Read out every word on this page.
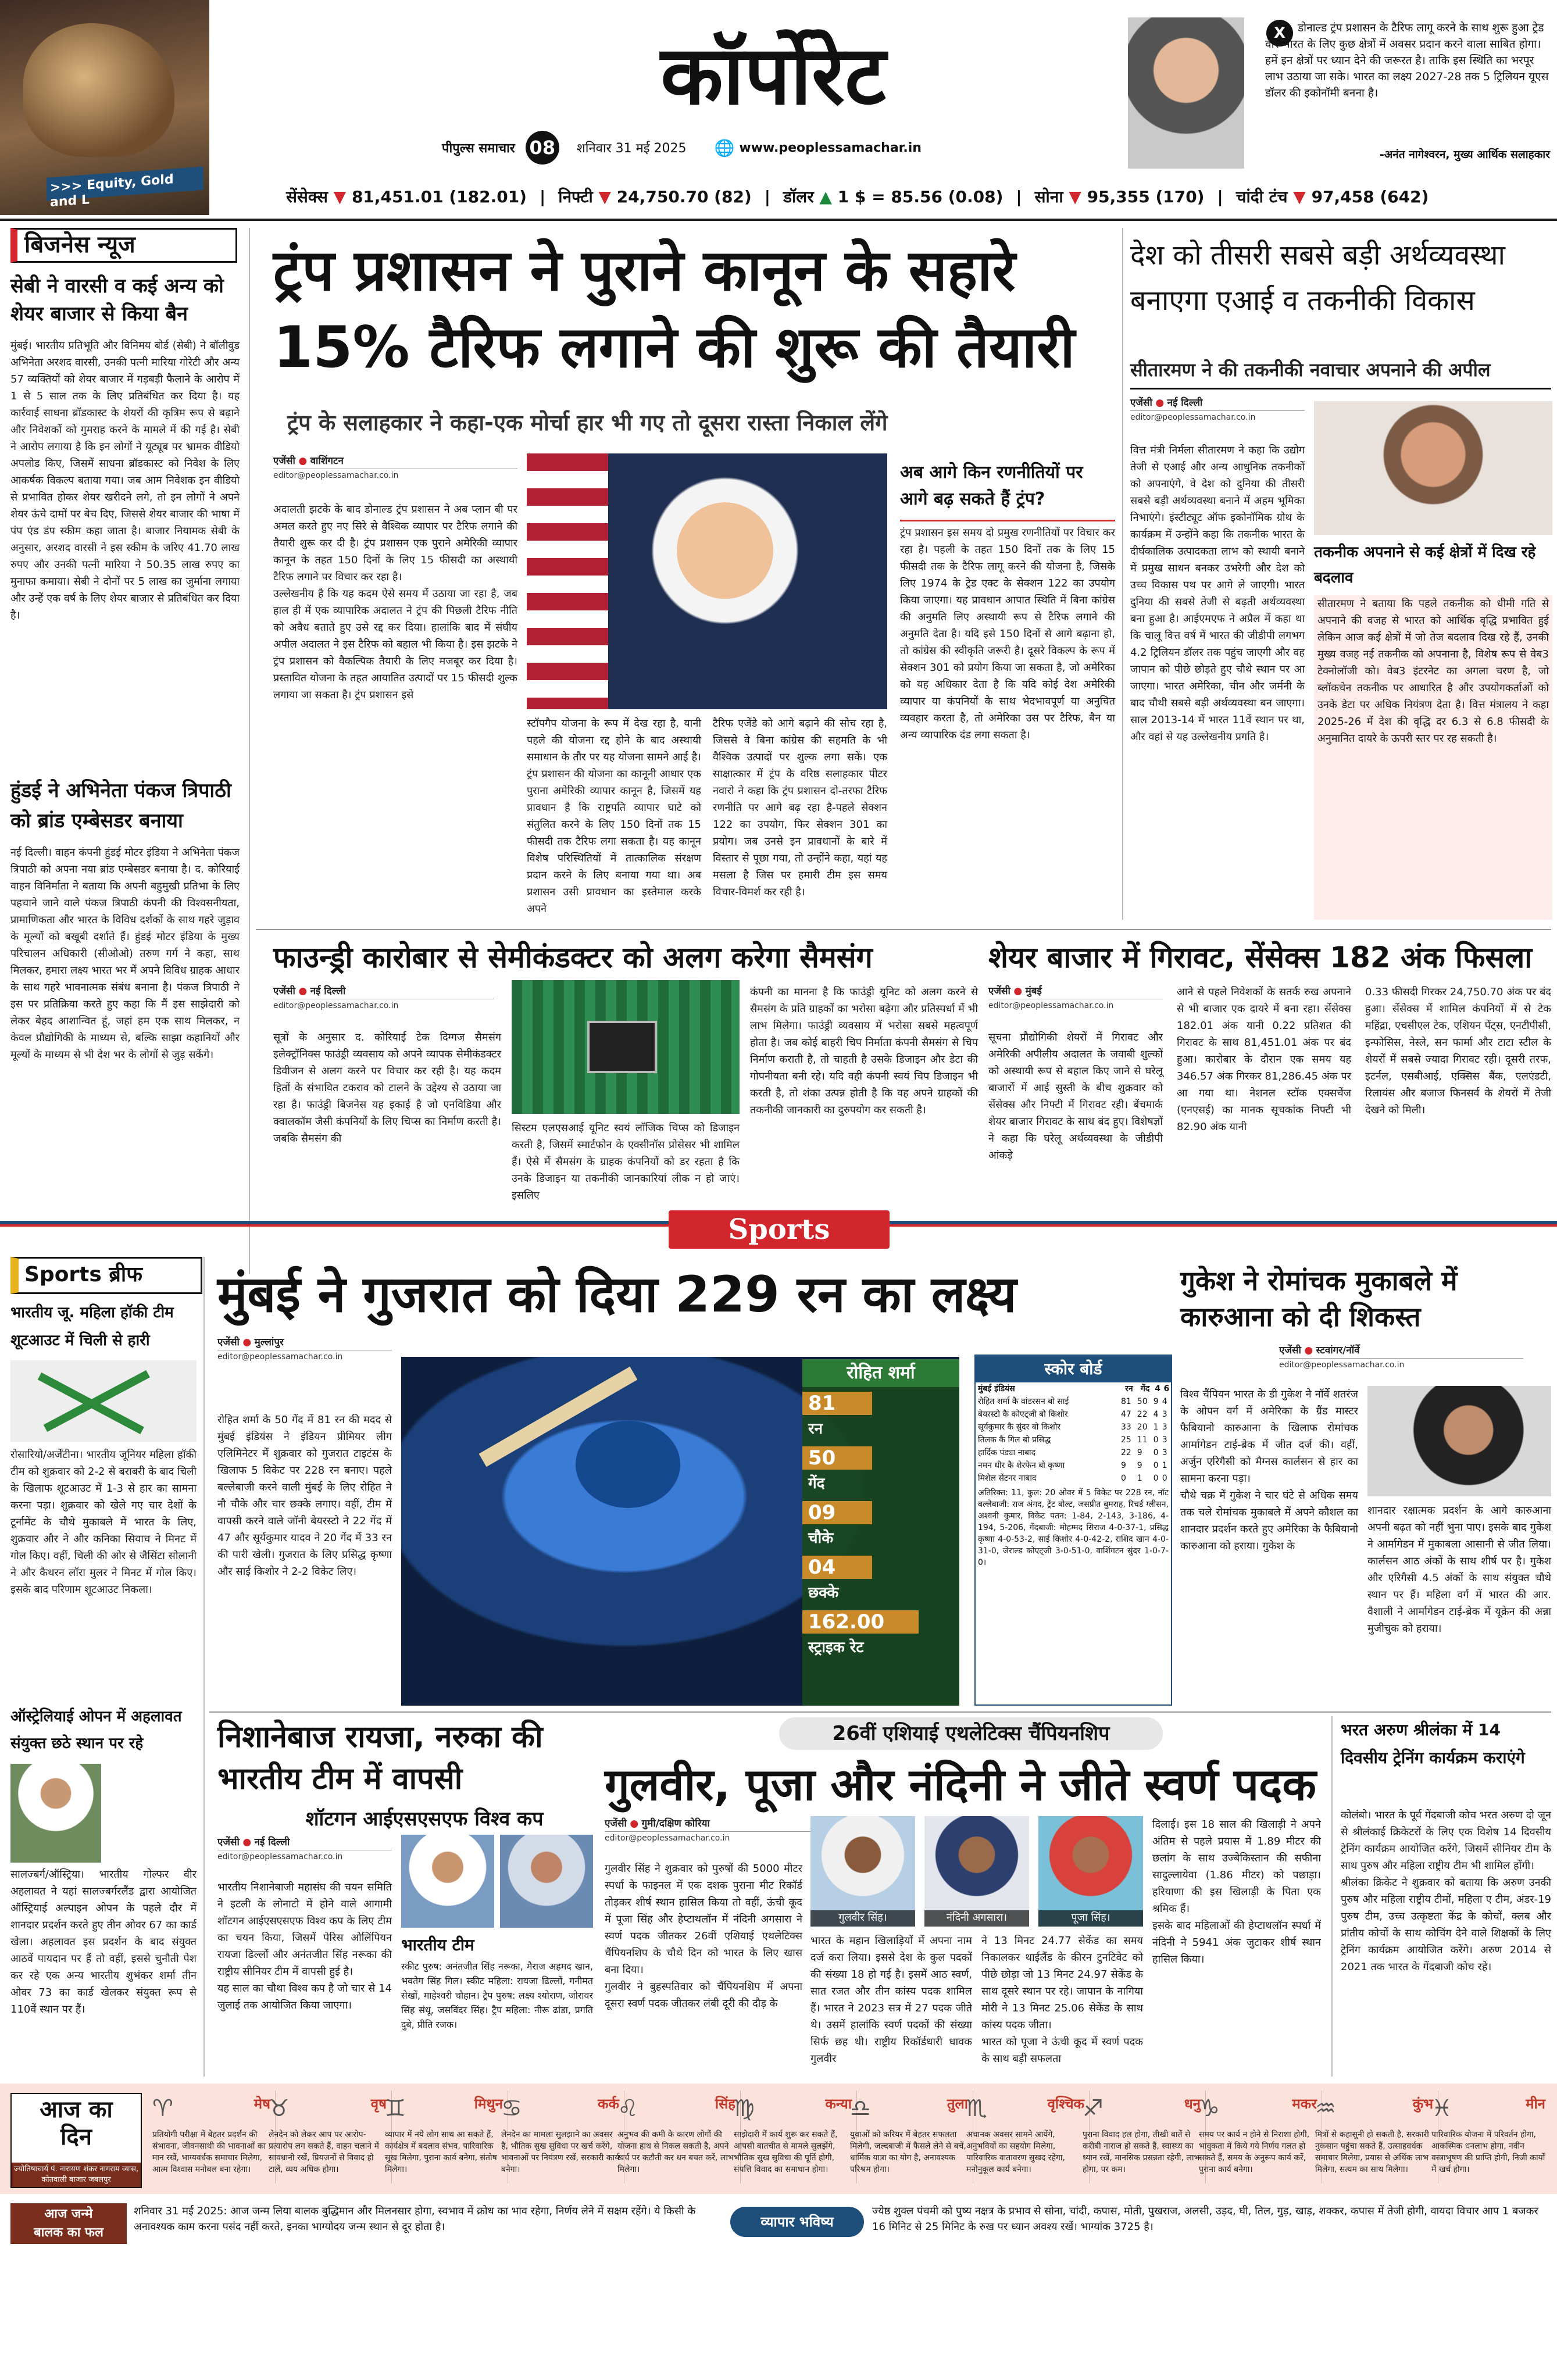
>>> Equity, Gold and L
कॉर्पोरेट
पीपुल्स समाचार 08	शनिवार 31 मई 2025 🌐 www.peoplessamachar.in
X	डोनाल्ड ट्रंप प्रशासन के टैरिफ लागू करने के साथ शुरू हुआ ट्रेड वार भारत के लिए कुछ क्षेत्रों में अवसर प्रदान करने वाला साबित होगा। हमें इन क्षेत्रों पर ध्यान देने की जरूरत है। ताकि इस स्थिति का भरपूर लाभ उठाया जा सके। भारत का लक्ष्य 2027-28 तक 5 ट्रिलियन यूएस डॉलर की इकोनॉमी बनना है।
-अनंत नागेश्वरन, मुख्य आर्थिक सलाहकार
सेंसेक्स ▼ 81,451.01 (182.01) | निफ्टी ▼ 24,750.70 (82) | डॉलर ▲ 1 $ = 85.56 (0.08) | सोना ▼ 95,355 (170) | चांदी टंच ▼ 97,458 (642)
बिजनेस न्यूज
सेबी ने वारसी व कई अन्य को शेयर बाजार से किया बैन
मुंबई। भारतीय प्रतिभूति और विनिमय बोर्ड (सेबी) ने बॉलीवुड अभिनेता अरशद वारसी, उनकी पत्नी मारिया गोरेटी और अन्य 57 व्यक्तियों को शेयर बाजार में गड़बड़ी फैलाने के आरोप में 1 से 5 साल तक के लिए प्रतिबंधित कर दिया है। यह कार्रवाई साधना ब्रॉडकास्ट के शेयरों की कृत्रिम रूप से बढ़ाने और निवेशकों को गुमराह करने के मामले में की गई है। सेबी ने आरोप लगाया है कि इन लोगों ने यूट्यूब पर भ्रामक वीडियो अपलोड किए, जिसमें साधना ब्रॉडकास्ट को निवेश के लिए आकर्षक विकल्प बताया गया। जब आम निवेशक इन वीडियो से प्रभावित होकर शेयर खरीदने लगे, तो इन लोगों ने अपने शेयर ऊंचे दामों पर बेच दिए, जिससे शेयर बाजार की भाषा में पंप एंड डंप स्कीम कहा जाता है। बाजार नियामक सेबी के अनुसार, अरशद वारसी ने इस स्कीम के जरिए 41.70 लाख रुपए और उनकी पत्नी मारिया ने 50.35 लाख रुपए का मुनाफा कमाया। सेबी ने दोनों पर 5 लाख का जुर्माना लगाया और उन्हें एक वर्ष के लिए शेयर बाजार से प्रतिबंधित कर दिया है।
हुंडई ने अभिनेता पंकज त्रिपाठी को ब्रांड एम्बेसडर बनाया
नई दिल्ली। वाहन कंपनी हुंडई मोटर इंडिया ने अभिनेता पंकज त्रिपाठी को अपना नया ब्रांड एम्बेसडर बनाया है। द. कोरियाई वाहन विनिर्माता ने बताया कि अपनी बहुमुखी प्रतिभा के लिए पहचाने जाने वाले पंकज त्रिपाठी कंपनी की विश्वसनीयता, प्रामाणिकता और भारत के विविध दर्शकों के साथ गहरे जुड़ाव के मूल्यों को बखूबी दर्शाते हैं। हुंडई मोटर इंडिया के मुख्य परिचालन अधिकारी (सीओओ) तरुण गर्ग ने कहा, साथ मिलकर, हमारा लक्ष्य भारत भर में अपने विविध ग्राहक आधार के साथ गहरे भावनात्मक संबंध बनाना है। पंकज त्रिपाठी ने इस पर प्रतिक्रिया करते हुए कहा कि मैं इस साझेदारी को लेकर बेहद आशान्वित हूं, जहां हम एक साथ मिलकर, न केवल प्रौद्योगिकी के माध्यम से, बल्कि साझा कहानियों और मूल्यों के माध्यम से भी देश भर के लोगों से जुड़ सकेंगे।
ट्रंप प्रशासन ने पुराने कानून के सहारे 15% टैरिफ लगाने की शुरू की तैयारी
ट्रंप के सलाहकार ने कहा-एक मोर्चा हार भी गए तो दूसरा रास्ता निकाल लेंगे
एजेंसी ● वाशिंगटन
editor@peoplessamachar.co.in
अदालती झटके के बाद डोनाल्ड ट्रंप प्रशासन ने अब प्लान बी पर अमल करते हुए नए सिरे से वैश्विक व्यापार पर टैरिफ लगाने की तैयारी शुरू कर दी है। ट्रंप प्रशासन एक पुराने अमेरिकी व्यापार कानून के तहत 150 दिनों के लिए 15 फीसदी का अस्थायी टैरिफ लगाने पर विचार कर रहा है।
उल्लेखनीय है कि यह कदम ऐसे समय में उठाया जा रहा है, जब हाल ही में एक व्यापारिक अदालत ने ट्रंप की पिछली टैरिफ नीति को अवैध बताते हुए उसे रद्द कर दिया। हालांकि बाद में संघीय अपील अदालत ने इस टैरिफ को बहाल भी किया है। इस झटके ने ट्रंप प्रशासन को वैकल्पिक तैयारी के लिए मजबूर कर दिया है। प्रस्तावित योजना के तहत आयातित उत्पादों पर 15 फीसदी शुल्क लगाया जा सकता है। ट्रंप प्रशासन इसे
स्टॉपगैप योजना के रूप में देख रहा है, यानी पहले की योजना रद्द होने के बाद अस्थायी समाधान के तौर पर यह योजना सामने आई है। ट्रंप प्रशासन की योजना का कानूनी आधार एक पुराना अमेरिकी व्यापार कानून है, जिसमें यह प्रावधान है कि राष्ट्रपति व्यापार घाटे को संतुलित करने के लिए 150 दिनों तक 15 फीसदी तक टैरिफ लगा सकता है। यह कानून विशेष परिस्थितियों में तात्कालिक संरक्षण प्रदान करने के लिए बनाया गया था। अब प्रशासन उसी प्रावधान का इस्तेमाल करके अपने
टैरिफ एजेंडे को आगे बढ़ाने की सोच रहा है, जिससे वे बिना कांग्रेस की सहमति के भी वैश्विक उत्पादों पर शुल्क लगा सकें। एक साक्षात्कार में ट्रंप के वरिष्ठ सलाहकार पीटर नवारो ने कहा कि ट्रंप प्रशासन दो-तरफा टैरिफ रणनीति पर आगे बढ़ रहा है-पहले सेक्शन 122 का उपयोग, फिर सेक्शन 301 का प्रयोग। जब उनसे इन प्रावधानों के बारे में विस्तार से पूछा गया, तो उन्होंने कहा, यहां यह मसला है जिस पर हमारी टीम इस समय विचार-विमर्श कर रही है।
अब आगे किन रणनीतियों पर आगे बढ़ सकते हैं ट्रंप?
ट्रंप प्रशासन इस समय दो प्रमुख रणनीतियों पर विचार कर रहा है। पहली के तहत 150 दिनों तक के लिए 15 फीसदी तक के टैरिफ लागू करने की योजना है, जिसके लिए 1974 के ट्रेड एक्ट के सेक्शन 122 का उपयोग किया जाएगा। यह प्रावधान आपात स्थिति में बिना कांग्रेस की अनुमति लिए अस्थायी रूप से टैरिफ लगाने की अनुमति देता है। यदि इसे 150 दिनों से आगे बढ़ाना हो, तो कांग्रेस की स्वीकृति जरूरी है। दूसरे विकल्प के रूप में सेक्शन 301 को प्रयोग किया जा सकता है, जो अमेरिका को यह अधिकार देता है कि यदि कोई देश अमेरिकी व्यापार या कंपनियों के साथ भेदभावपूर्ण या अनुचित व्यवहार करता है, तो अमेरिका उस पर टैरिफ, बैन या अन्य व्यापारिक दंड लगा सकता है।
देश को तीसरी सबसे बड़ी अर्थव्यवस्था बनाएगा एआई व तकनीकी विकास
सीतारमण ने की तकनीकी नवाचार अपनाने की अपील
एजेंसी ● नई दिल्ली
editor@peoplessamachar.co.in
वित्त मंत्री निर्मला सीतारमण ने कहा कि उद्योग तेजी से एआई और अन्य आधुनिक तकनीकों को अपनाएंगे, वे देश को दुनिया की तीसरी सबसे बड़ी अर्थव्यवस्था बनाने में अहम भूमिका निभाएंगे। इंस्टीट्यूट ऑफ इकोनॉमिक ग्रोथ के कार्यक्रम में उन्होंने कहा कि तकनीक भारत के दीर्घकालिक उत्पादकता लाभ को स्थायी बनाने में प्रमुख साधन बनकर उभरेगी और देश को उच्च विकास पथ पर आगे ले जाएगी। भारत दुनिया की सबसे तेजी से बढ़ती अर्थव्यवस्था बना हुआ है। आईएमएफ ने अप्रैल में कहा था कि चालू वित्त वर्ष में भारत की जीडीपी लगभग 4.2 ट्रिलियन डॉलर तक पहुंच जाएगी और वह जापान को पीछे छोड़ते हुए चौथे स्थान पर आ जाएगा। भारत अमेरिका, चीन और जर्मनी के बाद चौथी सबसे बड़ी अर्थव्यवस्था बन जाएगा। साल 2013-14 में भारत 11वें स्थान पर था, और वहां से यह उल्लेखनीय प्रगति है।
तकनीक अपनाने से कई क्षेत्रों में दिख रहे बदलाव
सीतारमण ने बताया कि पहले तकनीक को धीमी गति से अपनाने की वजह से भारत को आर्थिक वृद्धि प्रभावित हुई लेकिन आज कई क्षेत्रों में जो तेज बदलाव दिख रहे हैं, उनकी मुख्य वजह नई तकनीक को अपनाना है, विशेष रूप से वेब3 टेक्नोलॉजी को। वेब3 इंटरनेट का अगला चरण है, जो ब्लॉकचेन तकनीक पर आधारित है और उपयोगकर्ताओं को उनके डेटा पर अधिक नियंत्रण देता है। वित्त मंत्रालय ने कहा 2025-26 में देश की वृद्धि दर 6.3 से 6.8 फीसदी के अनुमानित दायरे के ऊपरी स्तर पर रह सकती है।
फाउन्ड्री कारोबार से सेमीकंडक्टर को अलग करेगा सैमसंग
एजेंसी ● नई दिल्ली
editor@peoplessamachar.co.in
सूत्रों के अनुसार द. कोरियाई टेक दिग्गज सैमसंग इलेक्ट्रॉनिक्स फाउंड्री व्यवसाय को अपने व्यापक सेमीकंडक्टर डिवीजन से अलग करने पर विचार कर रही है। यह कदम हितों के संभावित टकराव को टालने के उद्देश्य से उठाया जा रहा है। फाउंड्री बिजनेस यह इकाई है जो एनविडिया और क्वालकॉम जैसी कंपनियों के लिए चिप्स का निर्माण करती है। जबकि सैमसंग की
सिस्टम एलएसआई यूनिट स्वयं लॉजिक चिप्स को डिजाइन करती है, जिसमें स्मार्टफोन के एक्सीनॉस प्रोसेसर भी शामिल हैं। ऐसे में सैमसंग के ग्राहक कंपनियों को डर रहता है कि उनके डिजाइन या तकनीकी जानकारियां लीक न हो जाएं। इसलिए
कंपनी का मानना है कि फाउंड्री यूनिट को अलग करने से सैमसंग के प्रति ग्राहकों का भरोसा बढ़ेगा और प्रतिस्पर्धा में भी लाभ मिलेगा। फाउंड्री व्यवसाय में भरोसा सबसे महत्वपूर्ण होता है। जब कोई बाहरी चिप निर्माता कंपनी सैमसंग से चिप निर्माण कराती है, तो चाहती है उसके डिजाइन और डेटा की गोपनीयता बनी रहे। यदि वही कंपनी स्वयं चिप डिजाइन भी करती है, तो शंका उत्पन्न होती है कि वह अपने ग्राहकों की तकनीकी जानकारी का दुरुपयोग कर सकती है।
शेयर बाजार में गिरावट, सेंसेक्स 182 अंक फिसला
एजेंसी ● मुंबई
editor@peoplessamachar.co.in
सूचना प्रौद्योगिकी शेयरों में गिरावट और अमेरिकी अपीलीय अदालत के जवाबी शुल्कों को अस्थायी रूप से बहाल किए जाने से घरेलू बाजारों में आई सुस्ती के बीच शुक्रवार को सेंसेक्स और निफ्टी में गिरावट रही। बेंचमार्क शेयर बाजार गिरावट के साथ बंद हुए। विशेषज्ञों ने कहा कि घरेलू अर्थव्यवस्था के जीडीपी आंकड़े
आने से पहले निवेशकों के सतर्क रुख अपनाने से भी बाजार एक दायरे में बना रहा। सेंसेक्स 182.01 अंक यानी 0.22 प्रतिशत की गिरावट के साथ 81,451.01 अंक पर बंद हुआ। कारोबार के दौरान एक समय यह 346.57 अंक गिरकर 81,286.45 अंक पर आ गया था। नेशनल स्टॉक एक्सचेंज (एनएसई) का मानक सूचकांक निफ्टी भी 82.90 अंक यानी
0.33 फीसदी गिरकर 24,750.70 अंक पर बंद हुआ। सेंसेक्स में शामिल कंपनियों में से टेक महिंद्रा, एचसीएल टेक, एशियन पेंट्स, एनटीपीसी, इन्फोसिस, नेस्ले, सन फार्मा और टाटा स्टील के शेयरों में सबसे ज्यादा गिरावट रही। दूसरी तरफ, इटर्नल, एसबीआई, एक्सिस बैंक, एलएंडटी, रिलायंस और बजाज फिनसर्व के शेयरों में तेजी देखने को मिली।
Sports
Sports ब्रीफ
भारतीय जू. महिला हॉकी टीम शूटआउट में चिली से हारी
रोसारियो/अर्जेंटीना। भारतीय जूनियर महिला हॉकी टीम को शुक्रवार को 2-2 से बराबरी के बाद चिली के खिलाफ शूटआउट में 1-3 से हार का सामना करना पड़ा। शुक्रवार को खेले गए चार देशों के टूर्नामेंट के चौथे मुकाबले में भारत के लिए, शुक्रवार और ने और कनिका सिवाच ने मिनट में गोल किए। वहीं, चिली की ओर से जैसिंटा सोलानी ने और कैथरन लॉरा मुलर ने मिनट में गोल किए। इसके बाद परिणाम शूटआउट निकला।
ऑस्ट्रेलियाई ओपन में अहलावत संयुक्त छठे स्थान पर रहे
सालज्बर्ग/ऑस्ट्रिया। भारतीय गोल्फर वीर अहलावत ने यहां सालज्बर्गरलैंड द्वारा आयोजित ऑस्ट्रियाई अल्पाइन ओपन के पहले दौर में शानदार प्रदर्शन करते हुए तीन ओवर 67 का कार्ड खेला। अहलावत इस प्रदर्शन के बाद संयुक्त आठवें पायदान पर हैं तो वहीं, इससे चुनौती पेश कर रहे एक अन्य भारतीय शुभंकर शर्मा तीन ओवर 73 का कार्ड खेलकर संयुक्त रूप से 110वें स्थान पर हैं।
मुंबई ने गुजरात को दिया 229 रन का लक्ष्य
एजेंसी ● मुल्लांपुर
editor@peoplessamachar.co.in
रोहित शर्मा के 50 गेंद में 81 रन की मदद से मुंबई इंडियंस ने इंडियन प्रीमियर लीग एलिमिनेटर में शुक्रवार को गुजरात टाइटंस के खिलाफ 5 विकेट पर 228 रन बनाए। पहले बल्लेबाजी करने वाली मुंबई के लिए रोहित ने नौ चौके और चार छक्के लगाए। वहीं, टीम में वापसी करने वाले जॉनी बेयरस्टो ने 22 गेंद में 47 और सूर्यकुमार यादव ने 20 गेंद में 33 रन की पारी खेली। गुजरात के लिए प्रसिद्ध कृष्णा और साई किशोर ने 2-2 विकेट लिए।
रोहित शर्मा
81
रन
50
गेंद
09
चौके
04
छक्के
162.00
स्ट्राइक रेट
स्कोर बोर्ड
मुंबई इंडियंस	रन	गेंद	4	6
रोहित शर्मा कै वांडरसन बो साई	81	50	9	4
बेयरस्टो कै कोएट्जी बो किशोर	47	22	4	3
सूर्यकुमार कै सुंदर बो किशोर	33	20	1	3
तिलक कै गिल बो प्रसिद्ध	25	11	0	3
हार्दिक पंड्या नाबाद	22	9	0	3
नमन धीर कै शेरफेन बो कृष्णा	9	9	0	1
मिशेल सेंटनर नाबाद	0	1	0	0
अतिरिक्त: 11, कुल: 20 ओवर में 5 विकेट पर 228 रन, नॉट बल्लेबाजी: राज अंगद, ट्रेंट बोल्ट, जसप्रीत बुमराह, रिचर्ड ग्लीसन, अश्वनी कुमार, विकेट पतन: 1-84, 2-143, 3-186, 4-194, 5-206, गेंदबाजी: मोहम्मद सिराज 4-0-37-1, प्रसिद्ध कृष्णा 4-0-53-2, साई किशोर 4-0-42-2, राशिद खान 4-0-31-0, जेराल्ड कोएट्जी 3-0-51-0, वाशिंगटन सुंदर 1-0-7-0।
गुकेश ने रोमांचक मुकाबले में कारुआना को दी शिकस्त
एजेंसी ● स्टवांगर/नॉर्वे
editor@peoplessamachar.co.in
विश्व चैंपियन भारत के डी गुकेश ने नॉर्वे शतरंज के ओपन वर्ग में अमेरिका के ग्रैंड मास्टर फैबियानो कारुआना के खिलाफ रोमांचक आर्मागेडन टाई-ब्रेक में जीत दर्ज की। वहीं, अर्जुन एरिगैसी को मैग्नस कार्लसन से हार का सामना करना पड़ा।
चौथे चक्र में गुकेश ने चार घंटे से अधिक समय तक चले रोमांचक मुकाबले में अपने कौशल का शानदार प्रदर्शन करते हुए अमेरिका के फैबियानो कारुआना को हराया। गुकेश के
शानदार रक्षात्मक प्रदर्शन के आगे कारुआना अपनी बढ़त को नहीं भुना पाए। इसके बाद गुकेश ने आर्मागेडन में मुकाबला आसानी से जीत लिया। कार्लसन आठ अंकों के साथ शीर्ष पर है। गुकेश और एरिगैसी 4.5 अंकों के साथ संयुक्त चौथे स्थान पर हैं। महिला वर्ग में भारत की आर. वैशाली ने आर्मागेडन टाई-ब्रेक में यूक्रेन की अन्ना मुजीचुक को हराया।
निशानेबाज रायजा, नरुका की भारतीय टीम में वापसी
शॉटगन आईएसएसएफ विश्व कप
एजेंसी ● नई दिल्ली
editor@peoplessamachar.co.in
भारतीय निशानेबाजी महासंघ की चयन समिति ने इटली के लोनाटो में होने वाले आगामी शॉटगन आईएसएसएफ विश्व कप के लिए टीम का चयन किया, जिसमें पेरिस ओलिंपियन रायजा ढिल्लों और अनंतजीत सिंह नरूका की राष्ट्रीय सीनियर टीम में वापसी हुई है।
यह साल का चौथा विश्व कप है जो चार से 14 जुलाई तक आयोजित किया जाएगा।
भारतीय टीम
स्कीट पुरुष: अनंतजीत सिंह नरूका, मैराज अहमद खान, भवतेग सिंह गिल। स्कीट महिला: रायजा ढिल्लों, गनीमत सेखों, माहेश्वरी चौहान। ट्रैप पुरुष: लक्ष्य श्योराण, जोरावर सिंह संधू, जसविंदर सिंह। ट्रैप महिला: नीरू ढांडा, प्रगति दुबे, प्रीति रजक।
26वीं एशियाई एथलेटिक्स चैंपियनशिप
गुलवीर, पूजा और नंदिनी ने जीते स्वर्ण पदक
एजेंसी ● गुमी/दक्षिण कोरिया
editor@peoplessamachar.co.in
गुलवीर सिंह।	नंदिनी अगसारा।	पूजा सिंह।
गुलवीर सिंह ने शुक्रवार को पुरुषों की 5000 मीटर स्पर्धा के फाइनल में एक दशक पुराना मीट रिकॉर्ड तोड़कर शीर्ष स्थान हासिल किया तो वहीं, ऊंची कूद में पूजा सिंह और हेप्टाथलॉन में नंदिनी अगसारा ने स्वर्ण पदक जीतकर 26वीं एशियाई एथलेटिक्स चैंपियनशिप के चौथे दिन को भारत के लिए खास बना दिया।
गुलवीर ने बुहस्पतिवार को चैंपियनशिप में अपना दूसरा स्वर्ण पदक जीतकर लंबी दूरी की दौड़ के
भारत के महान खिलाड़ियों में अपना नाम दर्ज करा लिया। इससे देश के कुल पदकों की संख्या 18 हो गई है। इसमें आठ स्वर्ण, सात रजत और तीन कांस्य पदक शामिल हैं। भारत ने 2023 सत्र में 27 पदक जीते थे। उसमें हालांकि स्वर्ण पदकों की संख्या सिर्फ छह थी। राष्ट्रीय रिकॉर्डधारी धावक गुलवीर
ने 13 मिनट 24.77 सेकेंड का समय निकालकर थाईलैंड के कीरन टुनटिवेट को पीछे छोड़ा जो 13 मिनट 24.97 सेकेंड के साथ दूसरे स्थान पर रहे। जापान के नागिया मोरी ने 13 मिनट 25.06 सेकेंड के साथ कांस्य पदक जीता।
भारत को पूजा ने ऊंची कूद में स्वर्ण पदक के साथ बड़ी सफलता
दिलाई। इस 18 साल की खिलाड़ी ने अपने अंतिम से पहले प्रयास में 1.89 मीटर की छलांग के साथ उज्बेकिस्तान की सफीना सादुल्लायेवा (1.86 मीटर) को पछाड़ा। हरियाणा की इस खिलाड़ी के पिता एक श्रमिक हैं।
इसके बाद महिलाओं की हेप्टाथलॉन स्पर्धा में नंदिनी ने 5941 अंक जुटाकर शीर्ष स्थान हासिल किया।
भरत अरुण श्रीलंका में 14 दिवसीय ट्रेनिंग कार्यक्रम कराएंगे
कोलंबो। भारत के पूर्व गेंदबाजी कोच भरत अरुण दो जून से श्रीलंकाई क्रिकेटरों के लिए एक विशेष 14 दिवसीय ट्रेनिंग कार्यक्रम आयोजित करेंगे, जिसमें सीनियर टीम के साथ पुरुष और महिला राष्ट्रीय टीम भी शामिल होंगी।
श्रीलंका क्रिकेट ने शुक्रवार को बताया कि अरुण उनकी पुरुष और महिला राष्ट्रीय टीमों, महिला ए टीम, अंडर-19 पुरुष टीम, उच्च उत्कृष्टता केंद्र के कोचों, क्लब और प्रांतीय कोचों के साथ कोचिंग देने वाले शिक्षकों के लिए ट्रेनिंग कार्यक्रम आयोजित करेंगे। अरुण 2014 से 2021 तक भारत के गेंदबाजी कोच रहे।
आज का
दिन
ज्योतिषाचार्य पं. नारायण शंकर नागराम व्यास, कोतवाली बाजार जबलपुर
♈	मेष
प्रतियोगी परीक्षा में बेहतर प्रदर्शन की संभावना, जीवनसाथी की भावनाओं का मान रखें, भाग्यवर्धक समाचार मिलेगा, आत्म विश्वास मनोबल बना रहेगा।
♉	वृष
लेनदेन को लेकर आप पर आरोप-प्रत्यारोप लग सकते हैं, वाहन चलाने में सावधानी रखें, प्रियजनों से विवाद हो टालें, व्यय अधिक होगा।
♊	मिथुन
व्यापार में नये लोग साथ आ सकते हैं, कार्यक्षेत्र में बदलाव संभव, पारिवारिक सुख मिलेगा, पुराना कार्य बनेगा, संतोष मिलेगा।
♋	कर्क
लेनदेन का मामला सुलझाने का अवसर है, भौतिक सुख सुविधा पर खर्च करेंगे, भावनाओं पर नियंत्रण रखें, सरकारी कार्य बनेगा।
♌	सिंह
अनुभव की कमी के कारण लोगों की योजना हाथ से निकल सकती है, अपने खर्च पर कटौती कर धन बचत करें, लाभ मिलेगा।
♍	कन्या
साझेदारी में कार्य शुरू कर सकते हैं, आपसी बातचीत से मामले सुलझेंगे, भौतिक सुख सुविधा की पूर्ति होगी, संपत्ति विवाद का समाधान होगा।
♎	तुला
युवाओं को करियर में बेहतर सफलता मिलेगी, जल्दबाजी में फैसले लेने से बचें, धार्मिक यात्रा का योग है, अनावश्यक परिश्रम होगा।
♏	वृश्चिक
अचानक अवसर सामने आयेंगे, अनुभवियों का सहयोग मिलेगा, पारिवारिक वातावरण सुखद रहेगा, मनोनुकूल कार्य बनेगा।
♐	धनु
पुराना विवाद हल होगा, तीखी बातें से करीबी नाराज हो सकते हैं, स्वास्थ्य का ध्यान रखें, मानसिक प्रसन्नता रहेगी, लाभ होगा, पर कम।
♑	मकर
समय पर कार्य न होने से निराशा होगी, भावुकता में किये गये निर्णय गलत हो सकते हैं, समय के अनुरूप कार्य करें, पुराना कार्य बनेगा।
♒	कुंभ
मित्रों से कहासुनी हो सकती है, सरकारी नुकसान पहुंचा सकते हैं, उत्साहवर्धक समाचार मिलेगा, प्रयास से अर्थिक लाभ मिलेगा, सत्यम का साथ मिलेगा।
♓	मीन
पारिवारिक योजना में परिवर्तन होगा, आकस्मिक धनलाभ होगा, नवीन वस्त्राभूषण की प्राप्ति होगी, निजी कार्यों में खर्च होगा।
आज जन्मे
बालक का फल
शनिवार 31 मई 2025: आज जन्म लिया बालक बुद्धिमान और मिलनसार होगा, स्वभाव में क्रोध का भाव रहेगा, निर्णय लेने में सक्षम रहेंगे। ये किसी के अनावश्यक काम करना पसंद नहीं करते, इनका भाग्योदय जन्म स्थान से दूर होता है।	व्यापार भविष्य
ज्येष्ठ शुक्ल पंचमी को पुष्य नक्षत्र के प्रभाव से सोना, चांदी, कपास, मोती, पुखराज, अलसी, उड़द, घी, तिल, गुड़, खाड़, शक्कर, कपास में तेजी होगी, वायदा विचार आप 1 बजकर 16 मिनिट से 25 मिनिट के रुख पर ध्यान अवश्य रखें। भाग्यांक 3725 है।
